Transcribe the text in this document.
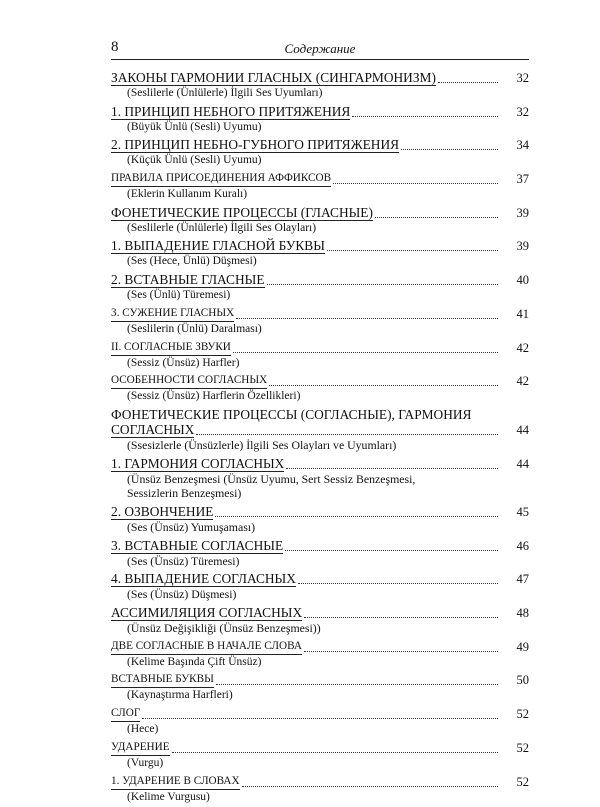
8	Содержание
ЗАКОНЫ ГАРМОНИИ ГЛАСНЫХ (СИНГАРМОНИЗМ)	32
(Seslilerle (Ünlülerle) İlgili Ses Uyumları)
1. ПРИНЦИП НЕБНОГО ПРИТЯЖЕНИЯ	32
(Büyük Ünlü (Sesli) Uyumu)
2. ПРИНЦИП НЕБНО-ГУБНОГО ПРИТЯЖЕНИЯ	34
(Küçük Ünlü (Sesli) Uyumu)
ПРАВИЛА ПРИСОЕДИНЕНИЯ АФФИКСОВ	37
(Eklerin Kullanım Kuralı)
ФОНЕТИЧЕСКИЕ ПРОЦЕССЫ (ГЛАСНЫЕ)	39
(Seslilerle (Ünlülerle) İlgili Ses Olayları)
1. ВЫПАДЕНИЕ ГЛАСНОЙ БУКВЫ	39
(Ses (Hece, Ünlü) Düşmesi)
2. ВСТАВНЫЕ ГЛАСНЫЕ	40
(Ses (Ünlü) Türemesi)
3. СУЖЕНИЕ ГЛАСНЫХ	41
(Seslilerin (Ünlü) Daralması)
II. СОГЛАСНЫЕ ЗВУКИ	42
(Sessiz (Ünsüz) Harfler)
ОСОБЕННОСТИ СОГЛАСНЫХ	42
(Sessiz (Ünsüz) Harflerin Özellikleri)
ФОНЕТИЧЕСКИЕ ПРОЦЕССЫ (СОГЛАСНЫЕ), ГАРМОНИЯ
СОГЛАСНЫХ	44
(Ssesizlerle (Ünsüzlerle) İlgili Ses Olayları ve Uyumları)
1. ГАРМОНИЯ СОГЛАСНЫХ	44
(Ünsüz Benzeşmesi (Ünsüz Uyumu, Sert Sessiz Benzeşmesi,
Sessizlerin Benzeşmesi)
2. ОЗВОНЧЕНИЕ	45
(Ses (Ünsüz) Yumuşaması)
3. ВСТАВНЫЕ СОГЛАСНЫЕ	46
(Ses (Ünsüz) Türemesi)
4. ВЫПАДЕНИЕ СОГЛАСНЫХ	47
(Ses (Ünsüz) Düşmesi)
АССИМИЛЯЦИЯ СОГЛАСНЫХ	48
(Ünsüz Değişikliği (Ünsüz Benzeşmesi))
ДВЕ СОГЛАСНЫЕ В НАЧАЛЕ СЛОВА	49
(Kelime Başında Çift Ünsüz)
ВСТАВНЫЕ БУКВЫ	50
(Kaynaştırma Harfleri)
СЛОГ	52
(Hece)
УДАРЕНИЕ	52
(Vurgu)
1. УДАРЕНИЕ В СЛОВАХ	52
(Kelime Vurgusu)
